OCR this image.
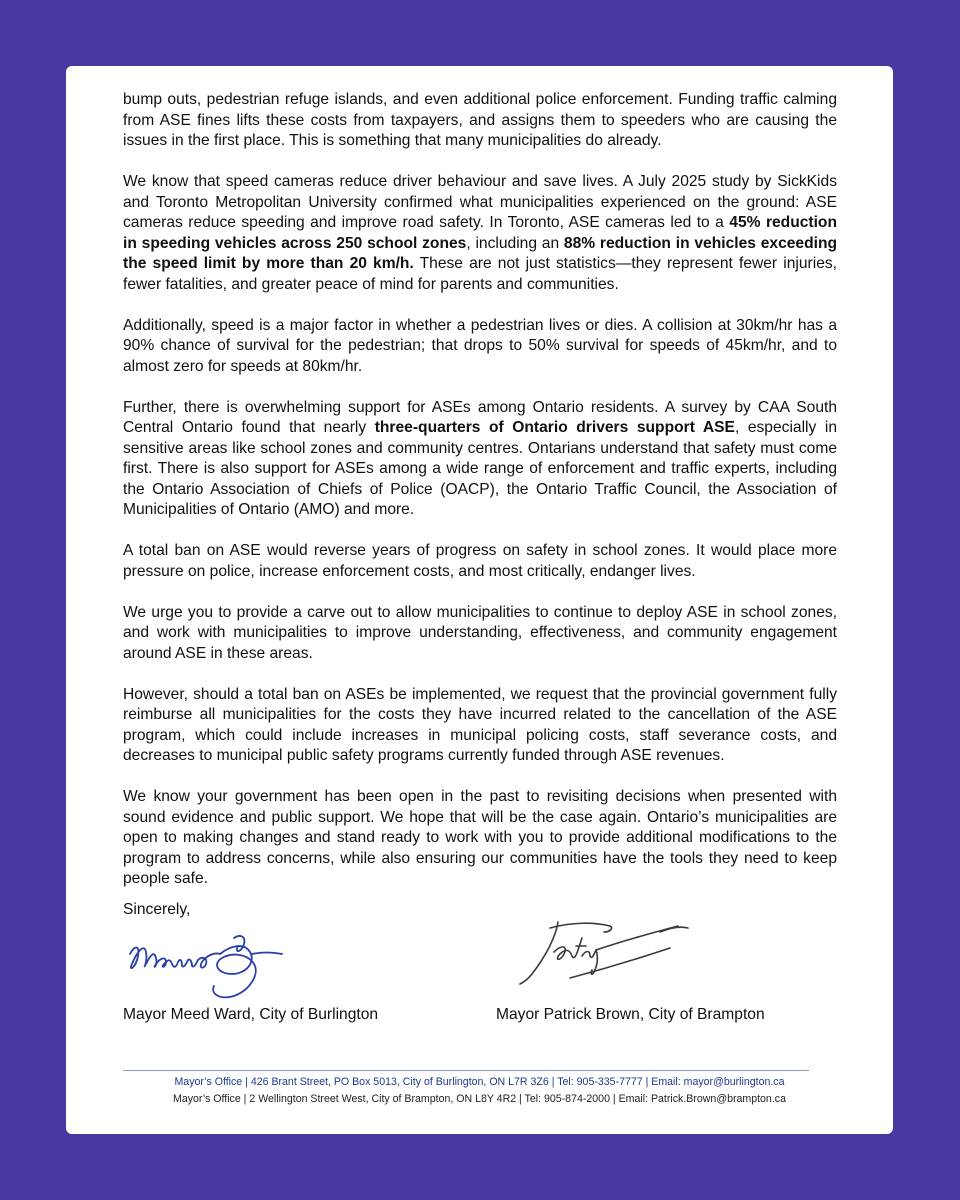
bump outs, pedestrian refuge islands, and even additional police enforcement. Funding traffic calming from ASE fines lifts these costs from taxpayers, and assigns them to speeders who are causing the issues in the first place. This is something that many municipalities do already.

We know that speed cameras reduce driver behaviour and save lives. A July 2025 study by SickKids and Toronto Metropolitan University confirmed what municipalities experienced on the ground: ASE cameras reduce speeding and improve road safety. In Toronto, ASE cameras led to a 45% reduction in speeding vehicles across 250 school zones, including an 88% reduction in vehicles exceeding the speed limit by more than 20 km/h. These are not just statistics—they represent fewer injuries, fewer fatalities, and greater peace of mind for parents and communities.

Additionally, speed is a major factor in whether a pedestrian lives or dies. A collision at 30km/hr has a 90% chance of survival for the pedestrian; that drops to 50% survival for speeds of 45km/hr, and to almost zero for speeds at 80km/hr.

Further, there is overwhelming support for ASEs among Ontario residents. A survey by CAA South Central Ontario found that nearly three-quarters of Ontario drivers support ASE, especially in sensitive areas like school zones and community centres. Ontarians understand that safety must come first. There is also support for ASEs among a wide range of enforcement and traffic experts, including the Ontario Association of Chiefs of Police (OACP), the Ontario Traffic Council, the Association of Municipalities of Ontario (AMO) and more.

A total ban on ASE would reverse years of progress on safety in school zones. It would place more pressure on police, increase enforcement costs, and most critically, endanger lives.

We urge you to provide a carve out to allow municipalities to continue to deploy ASE in school zones, and work with municipalities to improve understanding, effectiveness, and community engagement around ASE in these areas.

However, should a total ban on ASEs be implemented, we request that the provincial government fully reimburse all municipalities for the costs they have incurred related to the cancellation of the ASE program, which could include increases in municipal policing costs, staff severance costs, and decreases to municipal public safety programs currently funded through ASE revenues.

We know your government has been open in the past to revisiting decisions when presented with sound evidence and public support. We hope that will be the case again. Ontario’s municipalities are open to making changes and stand ready to work with you to provide additional modifications to the program to address concerns, while also ensuring our communities have the tools they need to keep people safe.

Sincerely,
Mayor Meed Ward, City of Burlington	Mayor Patrick Brown, City of Brampton
Mayor’s Office | 426 Brant Street, PO Box 5013, City of Burlington, ON L7R 3Z6 | Tel: 905-335-7777 | Email: mayor@burlington.ca
Mayor’s Office | 2 Wellington Street West, City of Brampton, ON L8Y 4R2 | Tel: 905-874-2000 | Email: Patrick.Brown@brampton.ca
